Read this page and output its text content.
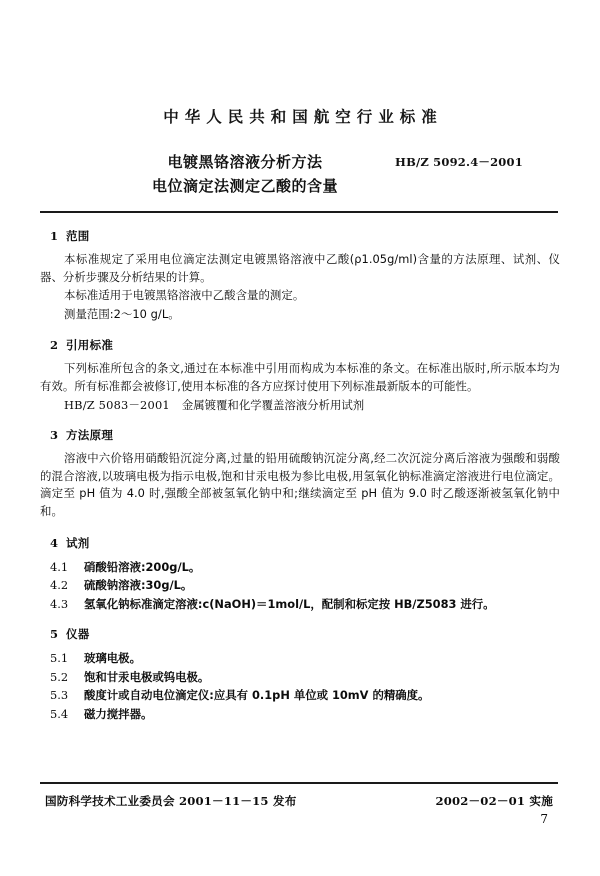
中华人民共和国航空行业标准
电镀黑铬溶液分析方法
电位滴定法测定乙酸的含量
HB/Z 5092.4－2001
1 范围

本标准规定了采用电位滴定法测定电镀黑铬溶液中乙酸(ρ1.05g/ml)含量的方法原理、试剂、仪器、分析步骤及分析结果的计算。

本标准适用于电镀黑铬溶液中乙酸含量的测定。

测量范围:2～10 g/L。

2 引用标准

下列标准所包含的条文,通过在本标准中引用而构成为本标准的条文。在标准出版时,所示版本均为有效。所有标准都会被修订,使用本标准的各方应探讨使用下列标准最新版本的可能性。

HB/Z 5083－2001 金属镀覆和化学覆盖溶液分析用试剂
3 方法原理

溶液中六价铬用硝酸铅沉淀分离,过量的铅用硫酸钠沉淀分离,经二次沉淀分离后溶液为强酸和弱酸的混合溶液,以玻璃电极为指示电极,饱和甘汞电极为参比电极,用氢氧化钠标准滴定溶液进行电位滴定。滴定至 pH 值为 4.0 时,强酸全部被氢氧化钠中和;继续滴定至 pH 值为 9.0 时乙酸逐渐被氢氧化钠中和。

4 试剂
4.1	硝酸铅溶液:200g/L。
4.2	硫酸钠溶液:30g/L。
4.3	氢氧化钠标准滴定溶液:c(NaOH)＝1mol/L，配制和标定按 HB/Z5083 进行。
5 仪器
5.1	玻璃电极。
5.2	饱和甘汞电极或钨电极。
5.3	酸度计或自动电位滴定仪:应具有 0.1pH 单位或 10mV 的精确度。
5.4	磁力搅拌器。
国防科学技术工业委员会 2001－11－15 发布	2002－02－01 实施
7
